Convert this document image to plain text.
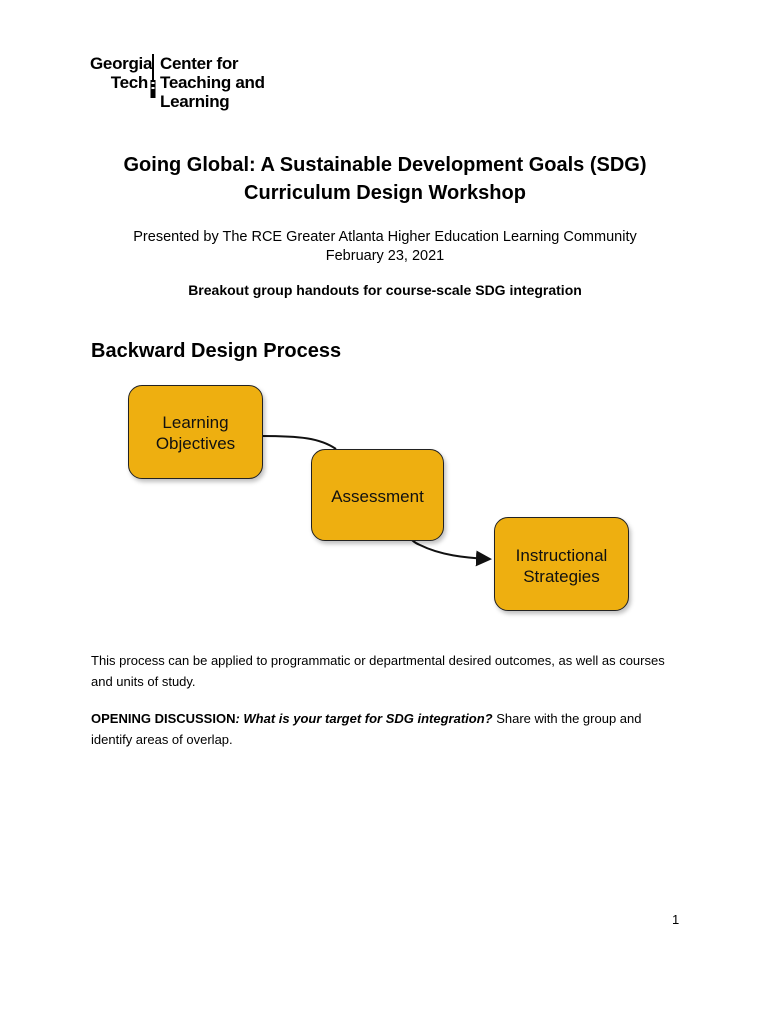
Georgia
Tech
Center for
Teaching and Learning
Going Global: A Sustainable Development Goals (SDG)
Curriculum Design Workshop
Presented by The RCE Greater Atlanta Higher Education Learning Community
February 23, 2021
Breakout group handouts for course-scale SDG integration
Backward Design Process
Learning
Objectives
Assessment
Instructional
Strategies
This process can be applied to programmatic or departmental desired outcomes, as well as courses and units of study.
OPENING DISCUSSION: What is your target for SDG integration? Share with the group and identify areas of overlap.
1
